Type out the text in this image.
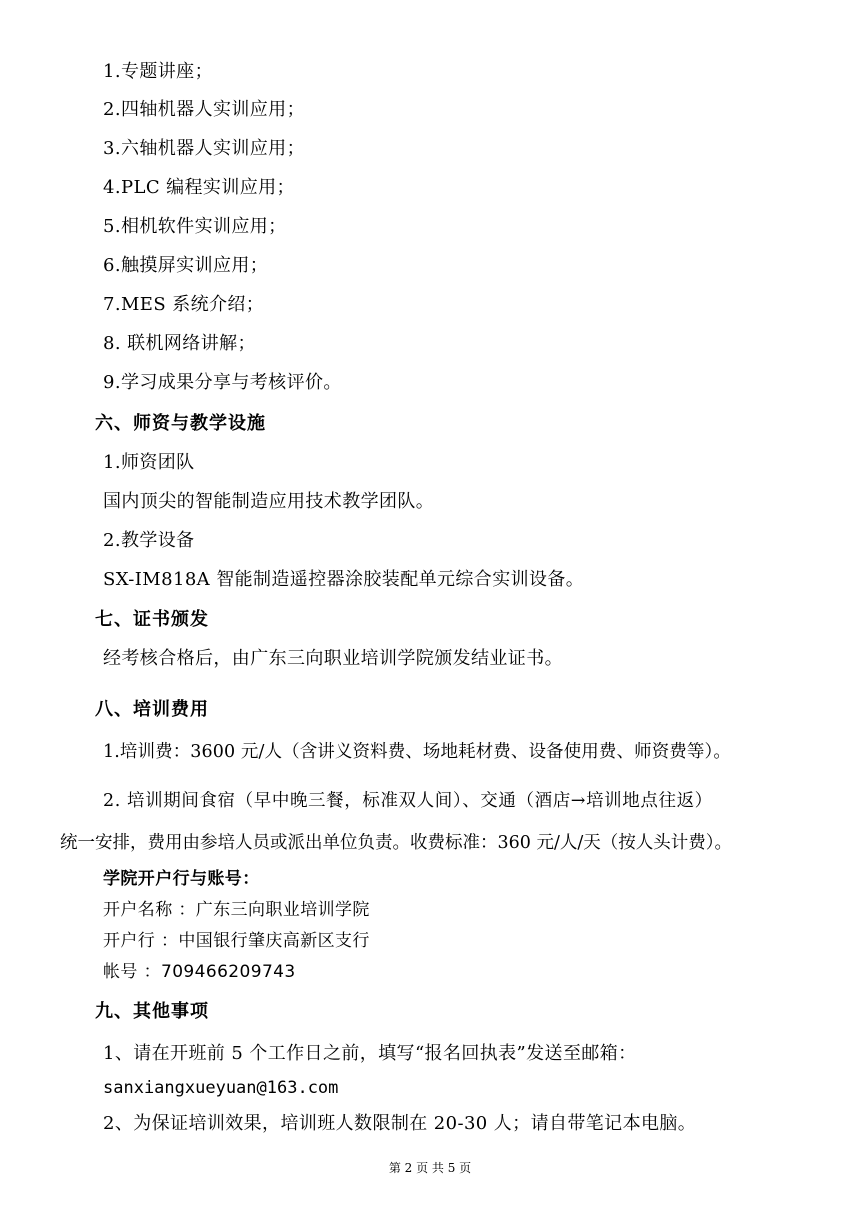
1.专题讲座；
2.四轴机器人实训应用；
3.六轴机器人实训应用；
4.PLC 编程实训应用；
5.相机软件实训应用；
6.触摸屏实训应用；
7.MES 系统介绍；
8. 联机网络讲解；
9.学习成果分享与考核评价。
六、师资与教学设施
1.师资团队
国内顶尖的智能制造应用技术教学团队。
2.教学设备
SX-IM818A 智能制造遥控器涂胶装配单元综合实训设备。
七、证书颁发
经考核合格后，由广东三向职业培训学院颁发结业证书。
八、培训费用
1.培训费：3600 元/人（含讲义资料费、场地耗材费、设备使用费、师资费等）。
2. 培训期间食宿（早中晚三餐，标准双人间）、交通（酒店→培训地点往返）
统一安排，费用由参培人员或派出单位负责。收费标准：360 元/人/天（按人头计费）。
学院开户行与账号：
开户名称 ：广东三向职业培训学院
开户行 ：中国银行肇庆高新区支行
帐号 ：709466209743
九、其他事项
1、请在开班前 5 个工作日之前，填写“报名回执表”发送至邮箱：
sanxiangxueyuan@163.com
2、为保证培训效果，培训班人数限制在 20-30 人；请自带笔记本电脑。
第 2 页 共 5 页
